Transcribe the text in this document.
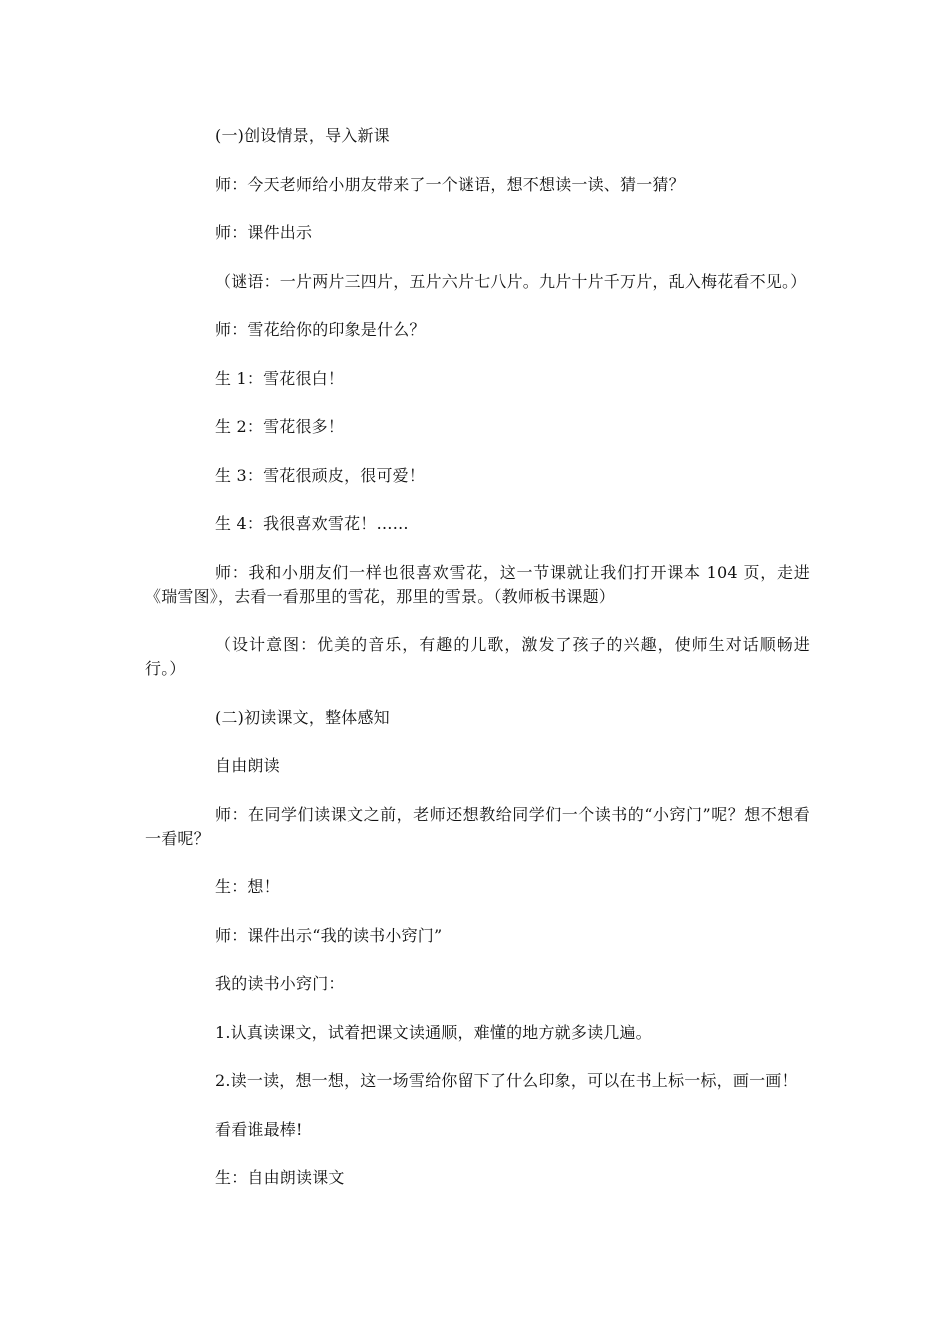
(一)创设情景，导入新课

师：今天老师给小朋友带来了一个谜语，想不想读一读、猜一猜？

师：课件出示

（谜语：一片两片三四片，五片六片七八片。九片十片千万片，乱入梅花看不见。）

师：雪花给你的印象是什么？

生 1：雪花很白！

生 2：雪花很多！

生 3：雪花很顽皮，很可爱！

生 4：我很喜欢雪花！……

师：我和小朋友们一样也很喜欢雪花，这一节课就让我们打开课本 104 页，走进《瑞雪图》，去看一看那里的雪花，那里的雪景。（教师板书课题）

（设计意图：优美的音乐，有趣的儿歌，激发了孩子的兴趣，使师生对话顺畅进行。）

(二)初读课文，整体感知

自由朗读

师：在同学们读课文之前，老师还想教给同学们一个读书的“小窍门”呢？想不想看一看呢？

生：想！

师：课件出示“我的读书小窍门”

我的读书小窍门：

1.认真读课文，试着把课文读通顺，难懂的地方就多读几遍。

2.读一读，想一想，这一场雪给你留下了什么印象，可以在书上标一标，画一画！

看看谁最棒!

生：自由朗读课文
